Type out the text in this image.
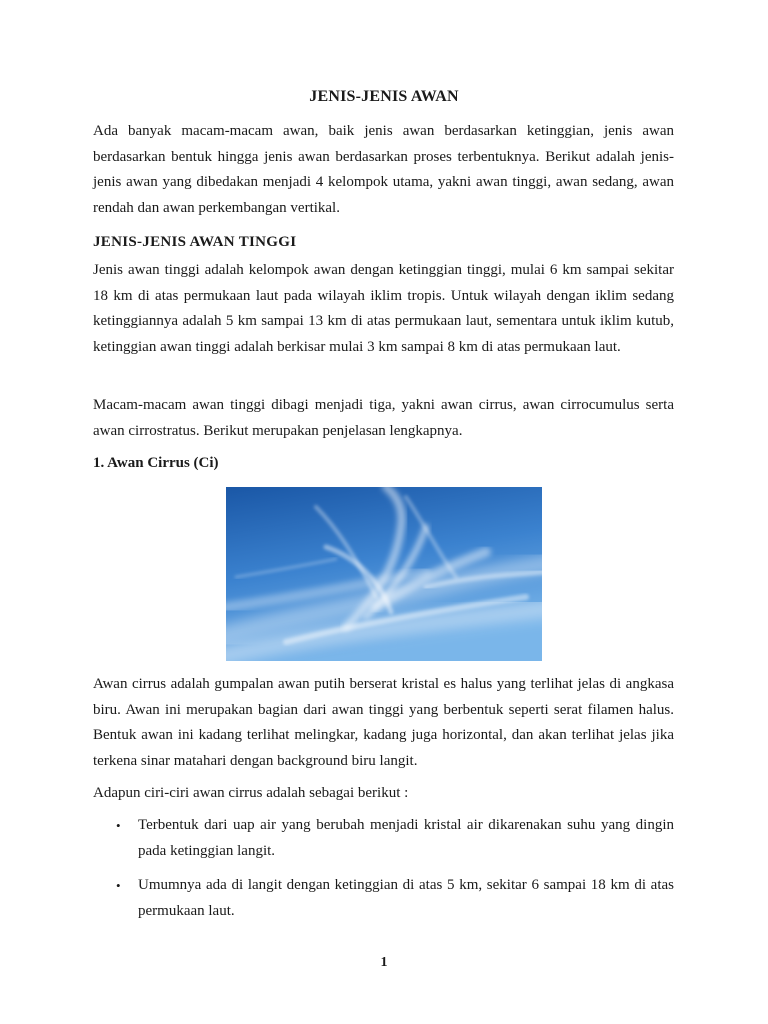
JENIS-JENIS AWAN

Ada banyak macam-macam awan, baik jenis awan berdasarkan ketinggian, jenis awan berdasarkan bentuk hingga jenis awan berdasarkan proses terbentuknya. Berikut adalah jenis-jenis awan yang dibedakan menjadi 4 kelompok utama, yakni awan tinggi, awan sedang, awan rendah dan awan perkembangan vertikal.

JENIS-JENIS AWAN TINGGI

Jenis awan tinggi adalah kelompok awan dengan ketinggian tinggi, mulai 6 km sampai sekitar 18 km di atas permukaan laut pada wilayah iklim tropis. Untuk wilayah dengan iklim sedang ketinggiannya adalah 5 km sampai 13 km di atas permukaan laut, sementara untuk iklim kutub, ketinggian awan tinggi adalah berkisar mulai 3 km sampai 8 km di atas permukaan laut.

Macam-macam awan tinggi dibagi menjadi tiga, yakni awan cirrus, awan cirrocumulus serta awan cirrostratus. Berikut merupakan penjelasan lengkapnya.

1. Awan Cirrus (Ci)

Awan cirrus adalah gumpalan awan putih berserat kristal es halus yang terlihat jelas di angkasa biru. Awan ini merupakan bagian dari awan tinggi yang berbentuk seperti serat filamen halus. Bentuk awan ini kadang terlihat melingkar, kadang juga horizontal, dan akan terlihat jelas jika terkena sinar matahari dengan background biru langit.

Adapun ciri-ciri awan cirrus adalah sebagai berikut :

• Terbentuk dari uap air yang berubah menjadi kristal air dikarenakan suhu yang dingin pada ketinggian langit.
• Umumnya ada di langit dengan ketinggian di atas 5 km, sekitar 6 sampai 18 km di atas permukaan laut.
1
